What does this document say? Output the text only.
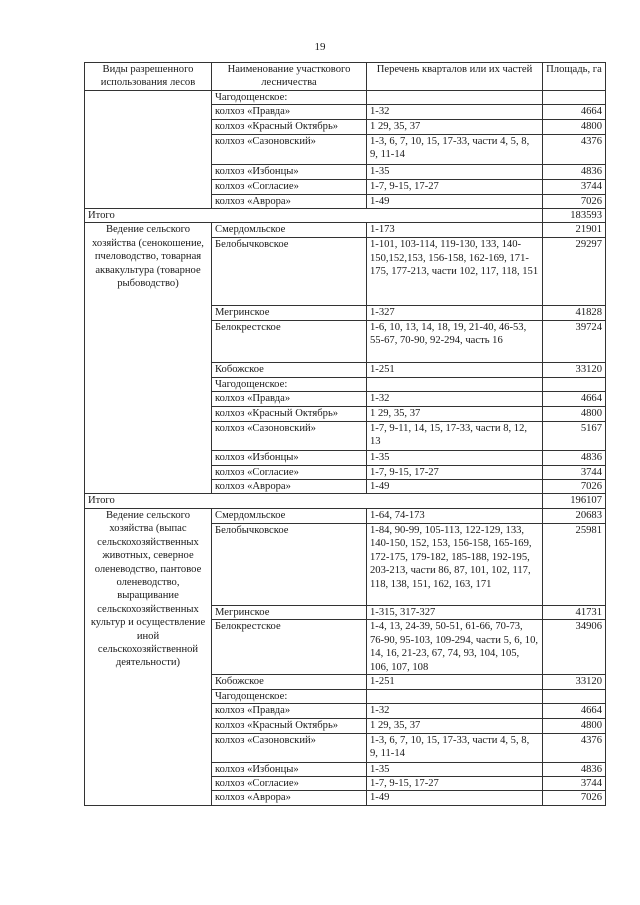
19
Виды разрешенного использования лесов	Наименование участкового лесничества	Перечень кварталов или их частей	Площадь, га
	Чагодощенское:		
	колхоз «Правда»	1-32	4664
	колхоз «Красный Октябрь»	1 29, 35, 37	4800
	колхоз «Сазоновский»	1-3, 6, 7, 10, 15, 17-33, части 4, 5, 8, 9, 11-14	4376
	колхоз «Избонцы»	1-35	4836
	колхоз «Согласие»	1-7, 9-15, 17-27	3744
	колхоз «Аврора»	1-49	7026
Итого			183593
Ведение сельского хозяйства (сенокошение, пчеловодство, товарная аквакультура (товарное рыбоводство)	Смердомльское	1-173	21901
	Белобычковское	1-101, 103-114, 119-130, 133, 140-150,152,153, 156-158, 162-169, 171-175, 177-213, части 102, 117, 118, 151	29297
	Мегринское	1-327	41828
	Белокрестское	1-6, 10, 13, 14, 18, 19, 21-40, 46-53, 55-67, 70-90, 92-294, часть 16	39724
	Кобожское	1-251	33120
	Чагодощенское:		
	колхоз «Правда»	1-32	4664
	колхоз «Красный Октябрь»	1 29, 35, 37	4800
	колхоз «Сазоновский»	1-7, 9-11, 14, 15, 17-33, части 8, 12, 13	5167
	колхоз «Избонцы»	1-35	4836
	колхоз «Согласие»	1-7, 9-15, 17-27	3744
	колхоз «Аврора»	1-49	7026
Итого			196107
Ведение сельского хозяйства (выпас сельскохозяйственных животных, северное оленеводство, пантовое оленеводство, выращивание сельскохозяйственных культур и осуществление иной сельскохозяйственной деятельности)	Смердомльское	1-64, 74-173	20683
	Белобычковское	1-84, 90-99, 105-113, 122-129, 133, 140-150, 152, 153, 156-158, 165-169, 172-175, 179-182, 185-188, 192-195, 203-213, части 86, 87, 101, 102, 117, 118, 138, 151, 162, 163, 171	25981
	Мегринское	1-315, 317-327	41731
	Белокрестское	1-4, 13, 24-39, 50-51, 61-66, 70-73, 76-90, 95-103, 109-294, части 5, 6, 10, 14, 16, 21-23, 67, 74, 93, 104, 105, 106, 107, 108	34906
	Кобожское	1-251	33120
	Чагодощенское:		
	колхоз «Правда»	1-32	4664
	колхоз «Красный Октябрь»	1 29, 35, 37	4800
	колхоз «Сазоновский»	1-3, 6, 7, 10, 15, 17-33, части 4, 5, 8, 9, 11-14	4376
	колхоз «Избонцы»	1-35	4836
	колхоз «Согласие»	1-7, 9-15, 17-27	3744
	колхоз «Аврора»	1-49	7026
